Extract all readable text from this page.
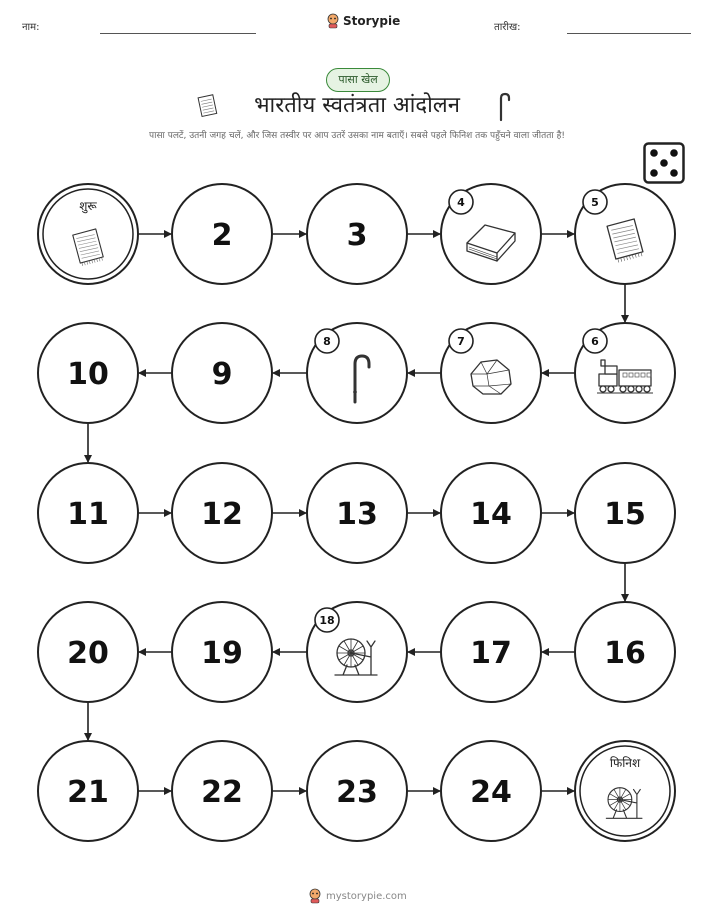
नाम:	Storypie	तारीख:
पासा खेल
भारतीय स्वतंत्रता आंदोलन
पासा पलटें, उतनी जगह चलें, और जिस तस्वीर पर आप उतरें उसका नाम बताएँ। सबसे पहले फिनिश तक पहुँचने वाला जीतता है!
शुरू
2	3
4	5
6
7
8
9
10
11	12	13	14	15
16
17
18
19
20
21	22	23	24
फिनिश
mystorypie.com
